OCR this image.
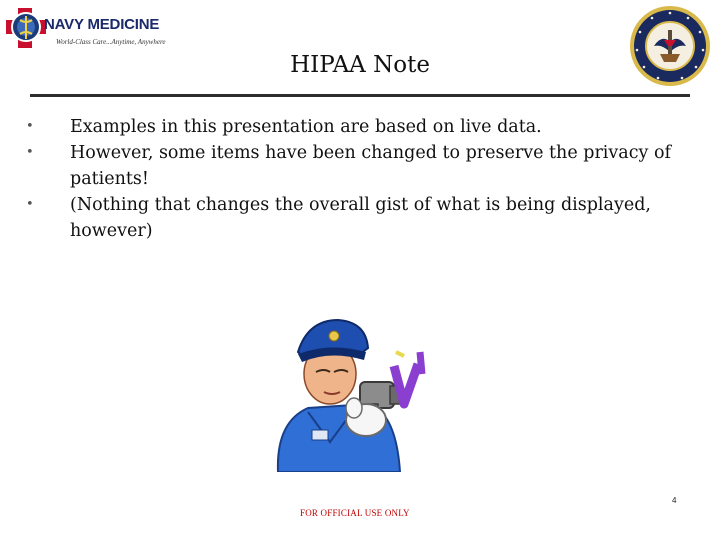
NAVY MEDICINE
World-Class Care...Anytime, Anywhere
HIPAA Note
• Examples in this presentation are based on live data.
• However, some items have been changed to preserve the privacy of patients!
• (Nothing that changes the overall gist of what is being displayed, however)
FOR OFFICIAL USE ONLY
4
